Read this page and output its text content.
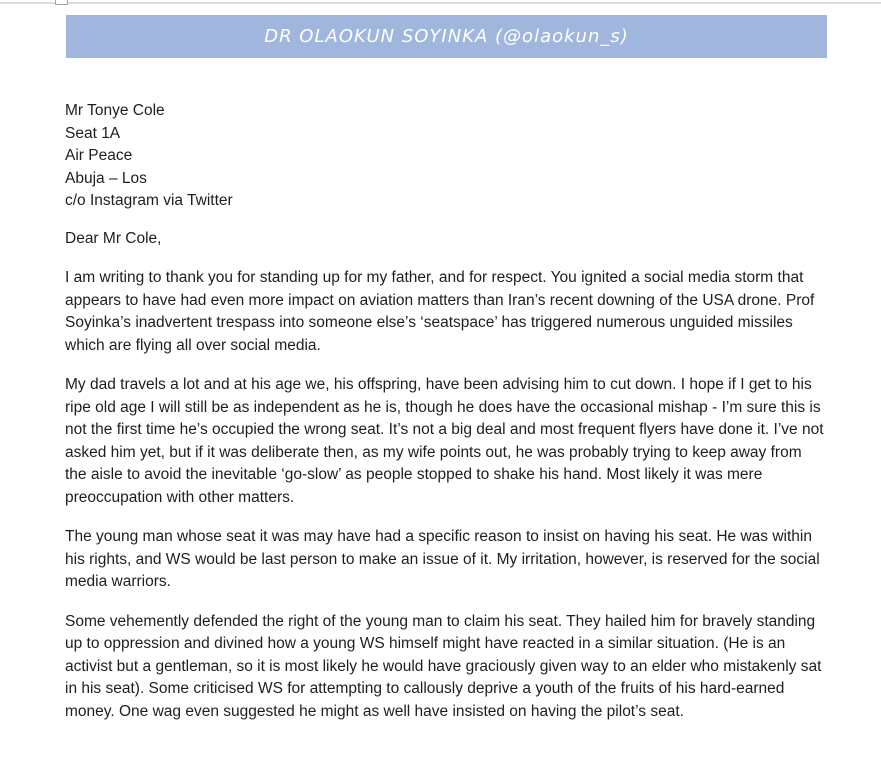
DR OLAOKUN SOYINKA (@olaokun_s)
Mr Tonye Cole
Seat 1A
Air Peace
Abuja – Los
c/o Instagram via Twitter
Dear Mr Cole,
I am writing to thank you for standing up for my father, and for respect. You ignited a social media storm that appears to have had even more impact on aviation matters than Iran’s recent downing of the USA drone. Prof Soyinka’s inadvertent trespass into someone else’s ‘seatspace’ has triggered numerous unguided missiles which are flying all over social media.
My dad travels a lot and at his age we, his offspring, have been advising him to cut down. I hope if I get to his ripe old age I will still be as independent as he is, though he does have the occasional mishap - I’m sure this is not the first time he’s occupied the wrong seat. It’s not a big deal and most frequent flyers have done it. I’ve not asked him yet, but if it was deliberate then, as my wife points out, he was probably trying to keep away from the aisle to avoid the inevitable ‘go-slow’ as people stopped to shake his hand. Most likely it was mere preoccupation with other matters.
The young man whose seat it was may have had a specific reason to insist on having his seat. He was within his rights, and WS would be last person to make an issue of it. My irritation, however, is reserved for the social media warriors.
Some vehemently defended the right of the young man to claim his seat. They hailed him for bravely standing up to oppression and divined how a young WS himself might have reacted in a similar situation. (He is an activist but a gentleman, so it is most likely he would have graciously given way to an elder who mistakenly sat in his seat). Some criticised WS for attempting to callously deprive a youth of the fruits of his hard-earned money. One wag even suggested he might as well have insisted on having the pilot’s seat.
